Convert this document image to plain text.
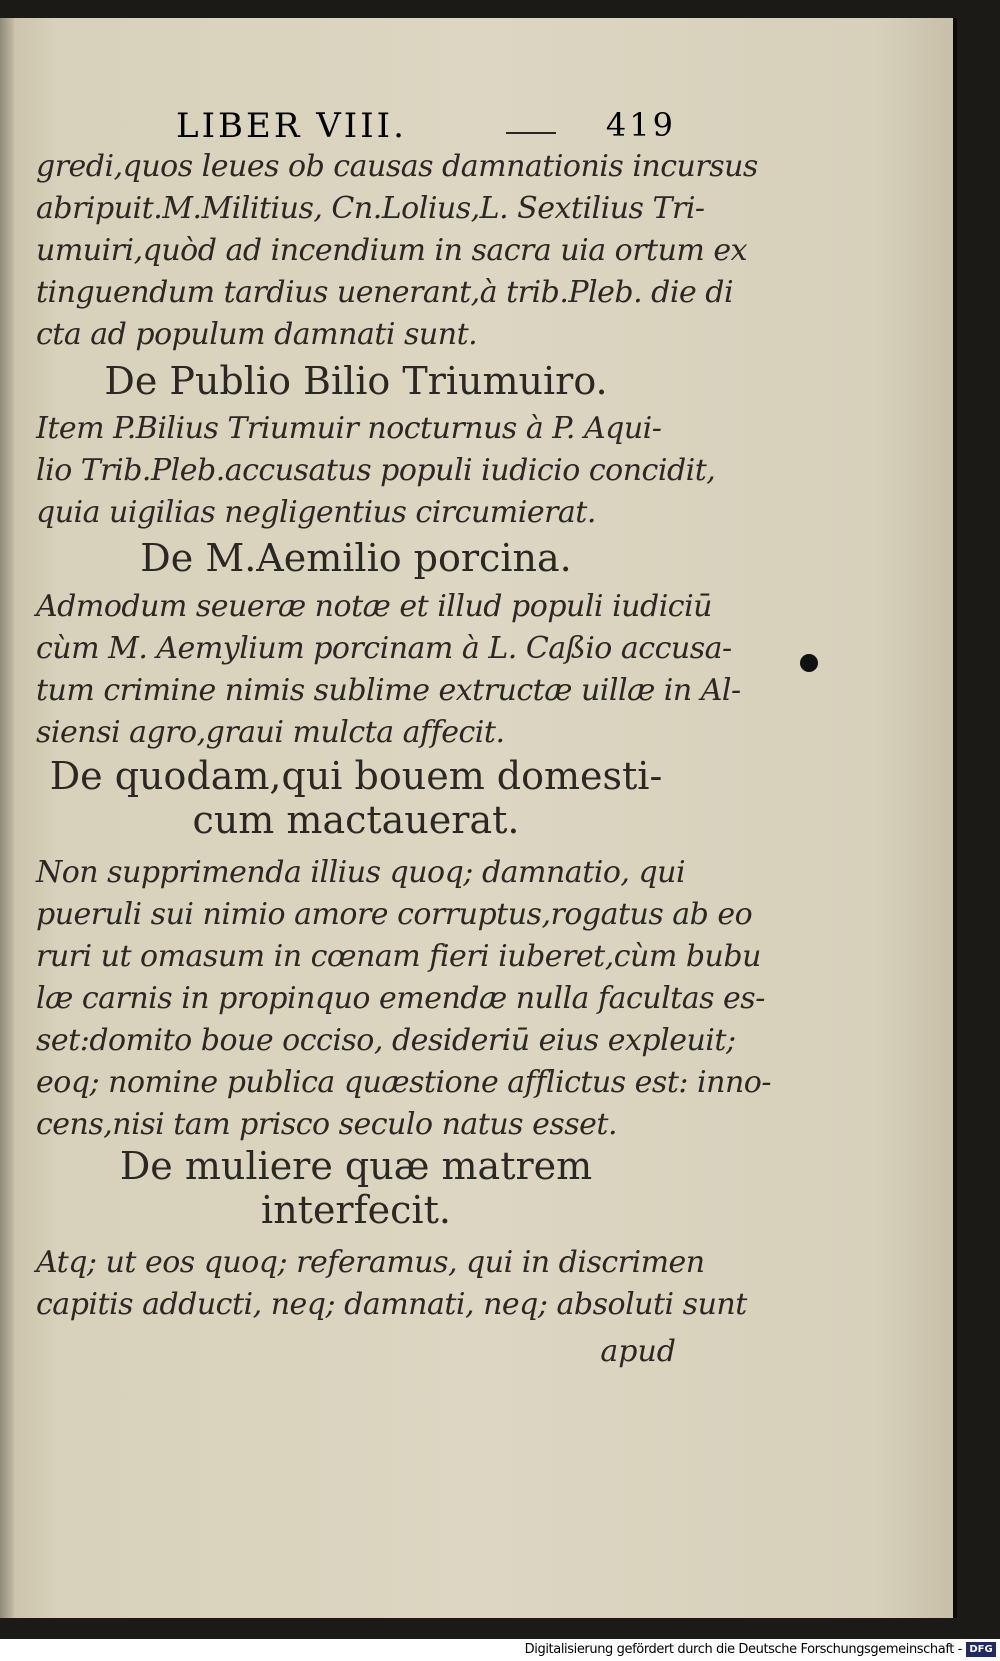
LIBER VIII.	419
gredi,quos leues ob causas damnationis incursus
abripuit.M.Militius, Cn.Lolius,L. Sextilius Tri-
umuiri,quòd ad incendium in sacra uia ortum ex
tinguendum tardius uenerant,à trib.Pleb. die di
cta ad populum damnati sunt.
De Publio Bilio Triumuiro.
Item P.Bilius Triumuir nocturnus à P. Aqui-
lio Trib.Pleb.accusatus populi iudicio concidit,
quia uigilias negligentius circumierat.
De M.Aemilio porcina.
Admodum seueræ notæ et illud populi iudiciū
cùm M. Aemylium porcinam à L. Caßio accusa-
tum crimine nimis sublime extructæ uillæ in Al-
siensi agro,graui mulcta affecit.
De quodam,qui bouem domesti-
cum mactauerat.
Non supprimenda illius quoq; damnatio, qui
pueruli sui nimio amore corruptus,rogatus ab eo
ruri ut omasum in cœnam fieri iuberet,cùm bubu
læ carnis in propinquo emendæ nulla facultas es-
set:domito boue occiso, desideriū eius expleuit;
eoq; nomine publica quæstione afflictus est: inno-
cens,nisi tam prisco seculo natus esset.
De muliere quæ matrem
interfecit.
Atq; ut eos quoq; referamus, qui in discrimen
capitis adducti, neq; damnati, neq; absoluti sunt
apud
Digitalisierung gefördert durch die Deutsche Forschungsgemeinschaft - DFG
